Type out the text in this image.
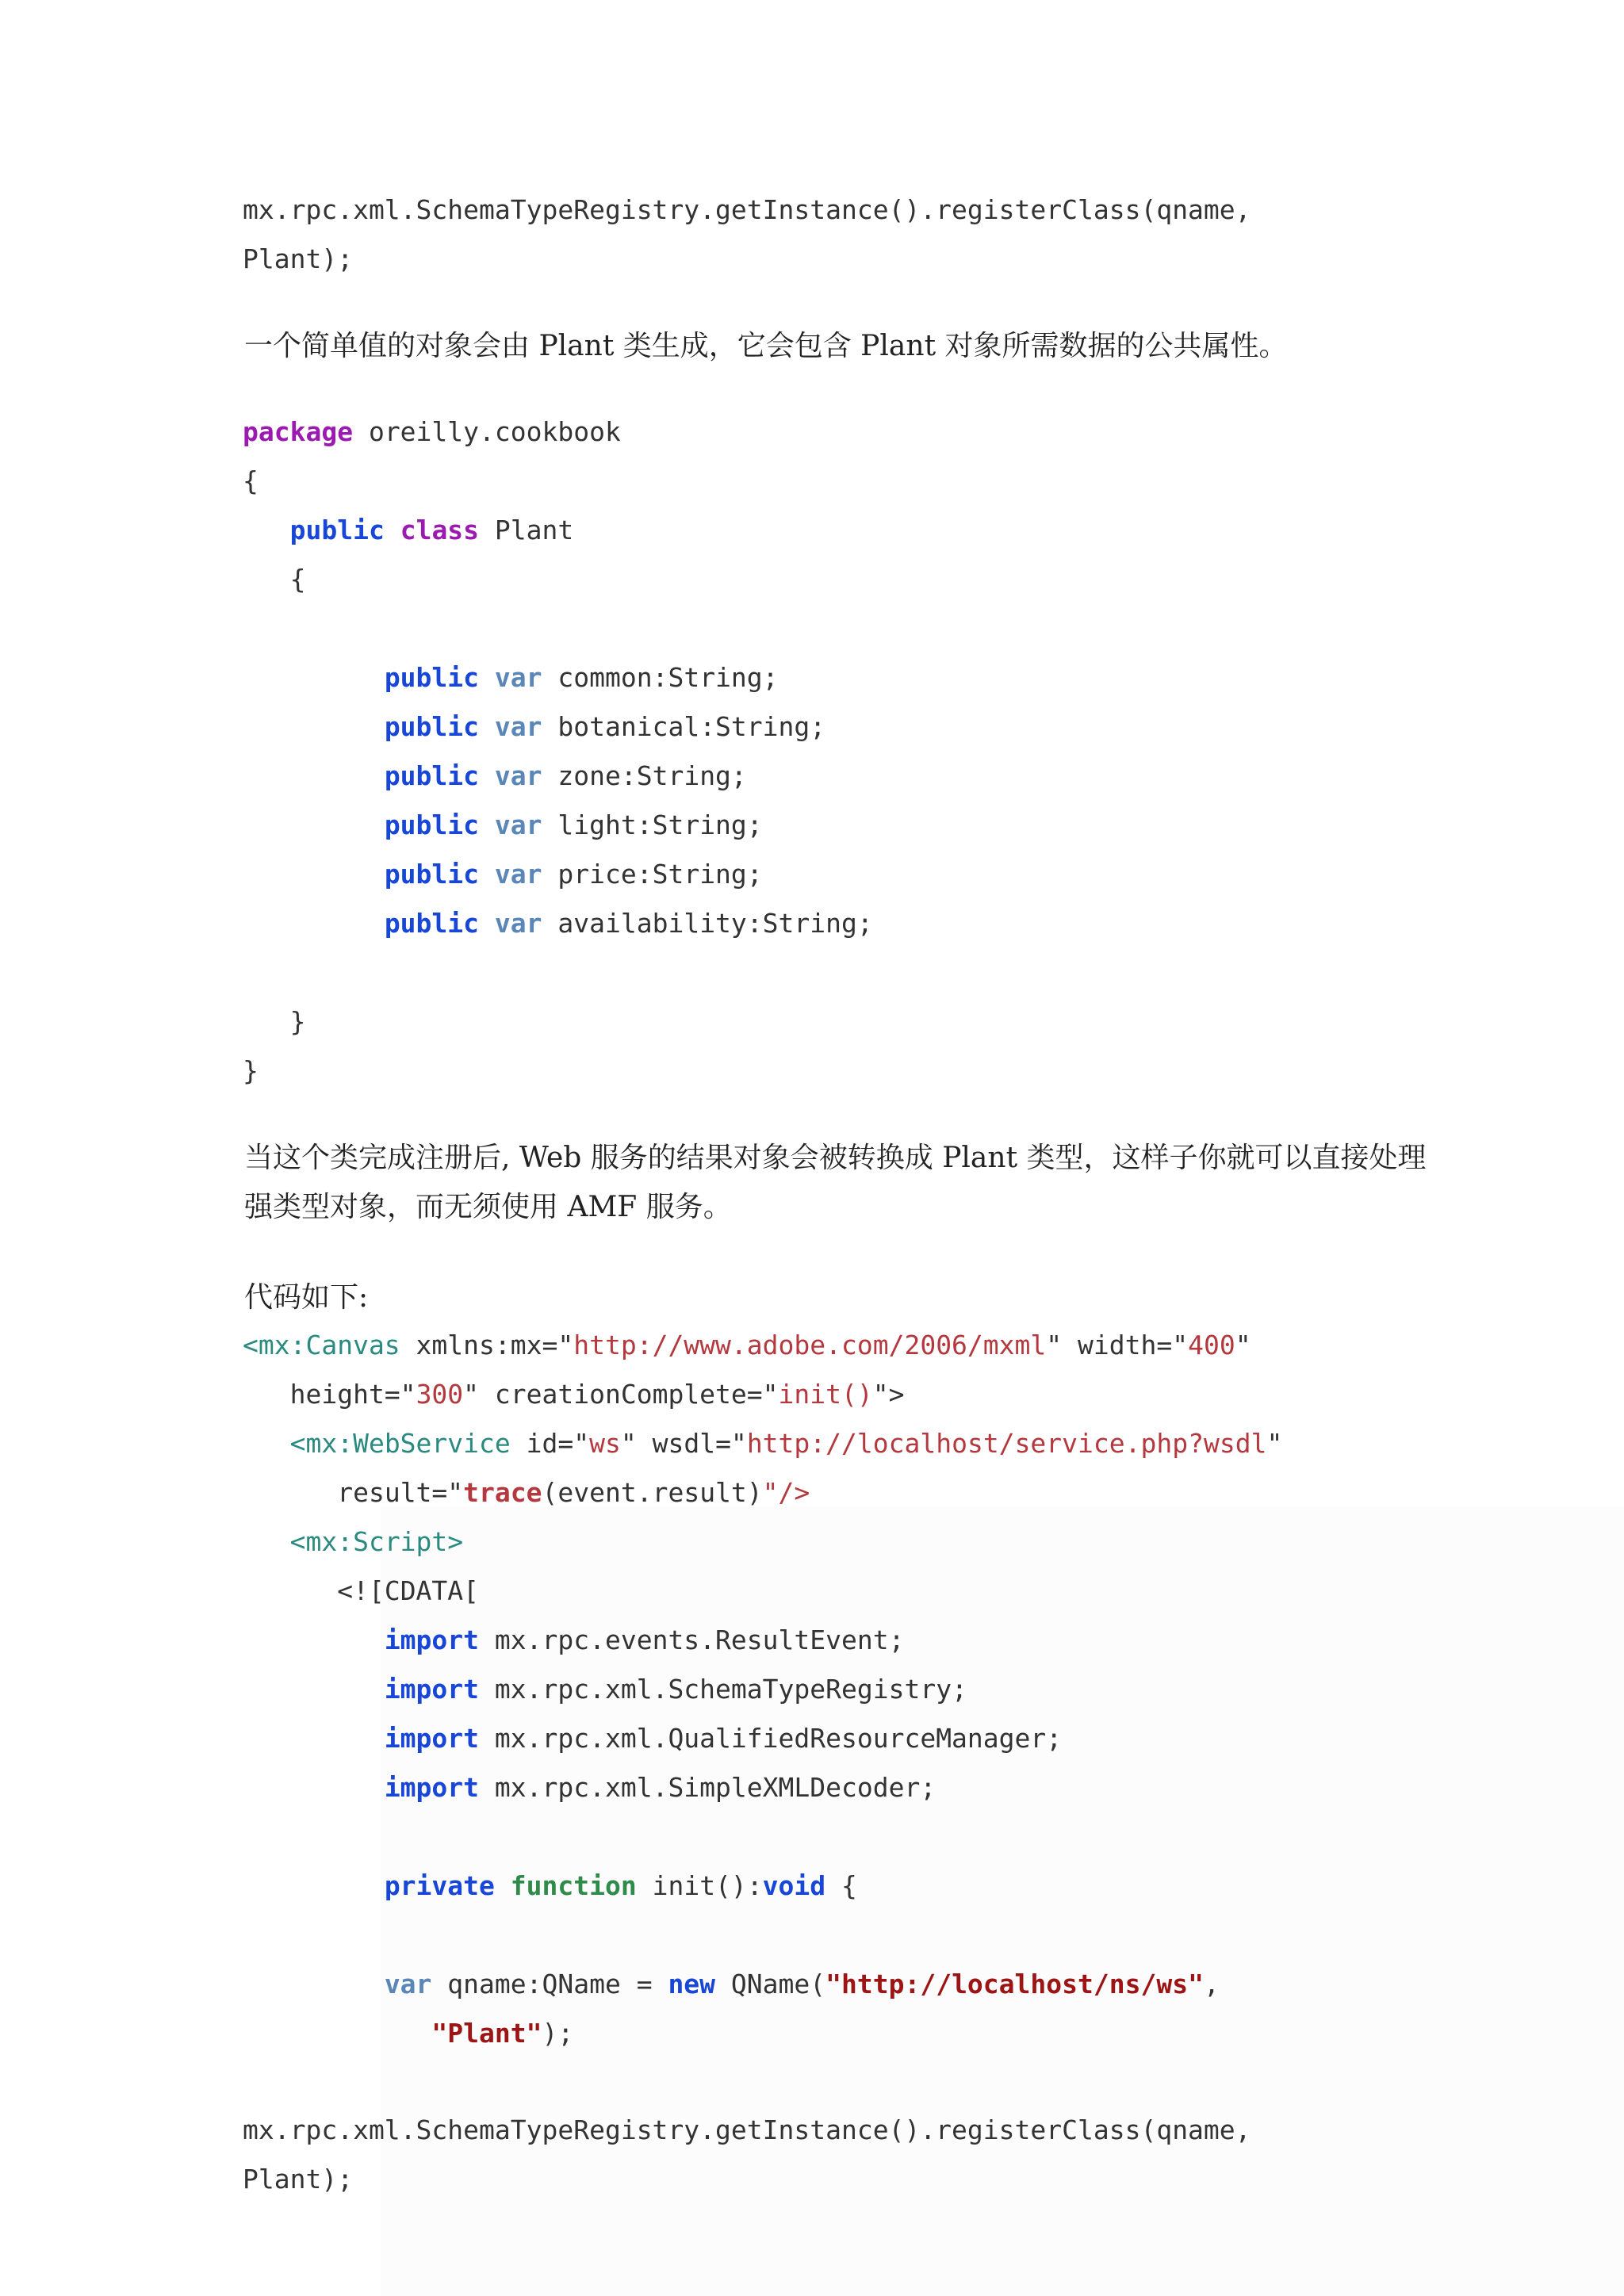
mx.rpc.xml.SchemaTypeRegistry.getInstance().registerClass(qname,
Plant);

一个简单值的对象会由 Plant 类生成，它会包含 Plant 对象所需数据的公共属性。

package oreilly.cookbook
{
public class Plant
{

public var common:String;
public var botanical:String;
public var zone:String;
public var light:String;
public var price:String;
public var availability:String;

}
}

当这个类完成注册后, Web 服务的结果对象会被转换成 Plant 类型，这样子你就可以直接处理
强类型对象，而无须使用 AMF 服务。

代码如下:

<mx:Canvas xmlns:mx="http://www.adobe.com/2006/mxml" width="400"
height="300" creationComplete="init()">
<mx:WebService id="ws" wsdl="http://localhost/service.php?wsdl"
result="trace(event.result)"/>
<mx:Script>
<![CDATA[
import mx.rpc.events.ResultEvent;
import mx.rpc.xml.SchemaTypeRegistry;
import mx.rpc.xml.QualifiedResourceManager;
import mx.rpc.xml.SimpleXMLDecoder;

private function init():void {

var qname:QName = new QName("http://localhost/ns/ws",
"Plant");
mx.rpc.xml.SchemaTypeRegistry.getInstance().registerClass(qname,
Plant);
